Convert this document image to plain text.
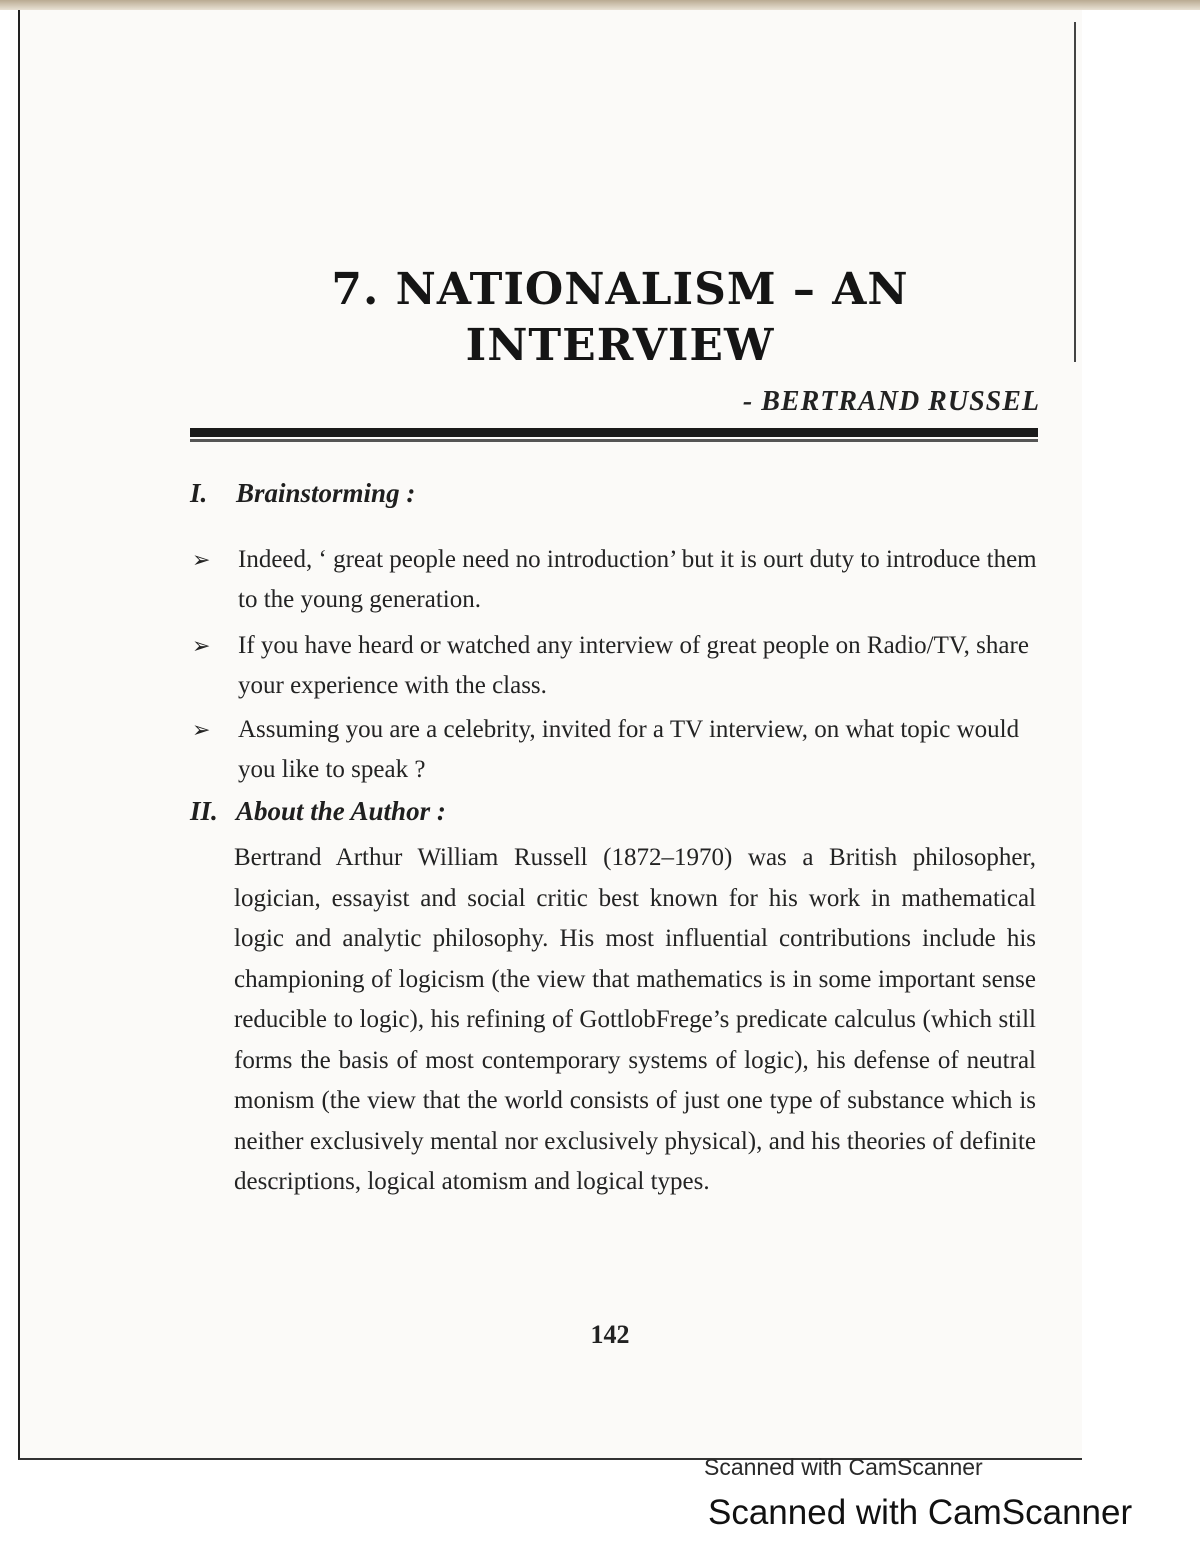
7. NATIONALISM – AN
INTERVIEW
- BERTRAND RUSSEL
I. Brainstorming :
➢ Indeed, ‘ great people need no introduction’ but it is ourt duty to introduce them to the young generation.
➢ If you have heard or watched any interview of great people on Radio/TV, share your experience with the class.
➢ Assuming you are a celebrity, invited for a TV interview, on what topic would you like to speak ?
II. About the Author :
Bertrand Arthur William Russell (1872–1970) was a British philosopher, logician, essayist and social critic best known for his work in mathematical logic and analytic philosophy. His most influential contributions include his championing of logicism (the view that mathematics is in some important sense reducible to logic), his refining of GottlobFrege’s predicate calculus (which still forms the basis of most contemporary systems of logic), his defense of neutral monism (the view that the world consists of just one type of substance which is neither exclusively mental nor exclusively physical), and his theories of definite descriptions, logical atomism and logical types.
142
Scanned with CamScanner
Scanned with CamScanner
